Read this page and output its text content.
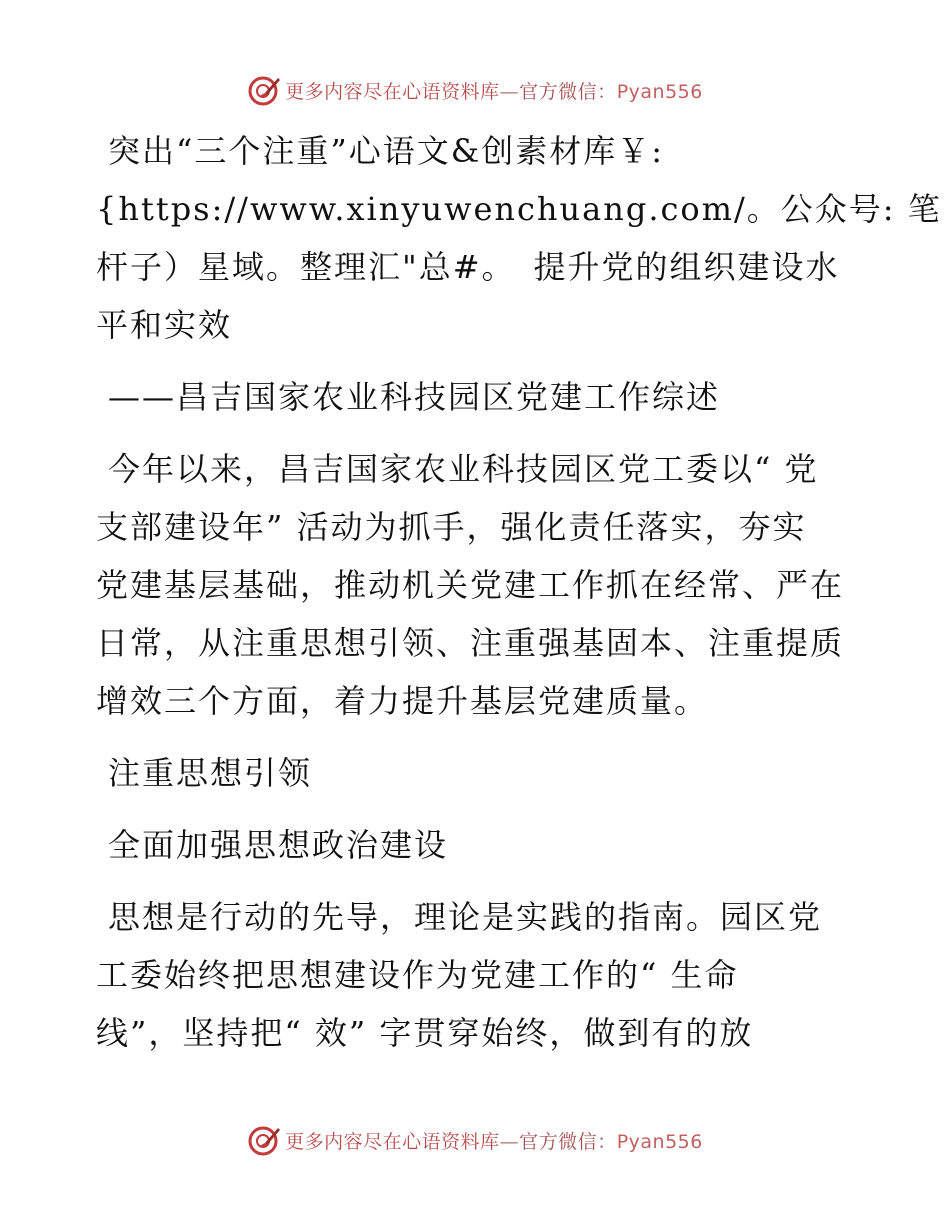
更多内容尽在心语资料库—官方微信：Pyan556
突出“三个注重”心语文&创素材库￥:
{https://www.xinyuwenchuang.com/。公众号: 笔
杆子）星域。整理汇"总#。　提升党的组织建设水
平和实效
——昌吉国家农业科技园区党建工作综述
今年以来，昌吉国家农业科技园区党工委以“ 党
支部建设年” 活动为抓手，强化责任落实，夯实
党建基层基础，推动机关党建工作抓在经常、严在
日常，从注重思想引领、注重强基固本、注重提质
增效三个方面，着力提升基层党建质量。
注重思想引领
全面加强思想政治建设
思想是行动的先导，理论是实践的指南。园区党
工委始终把思想建设作为党建工作的“ 生命
线”，坚持把“ 效” 字贯穿始终，做到有的放
更多内容尽在心语资料库—官方微信：Pyan556
